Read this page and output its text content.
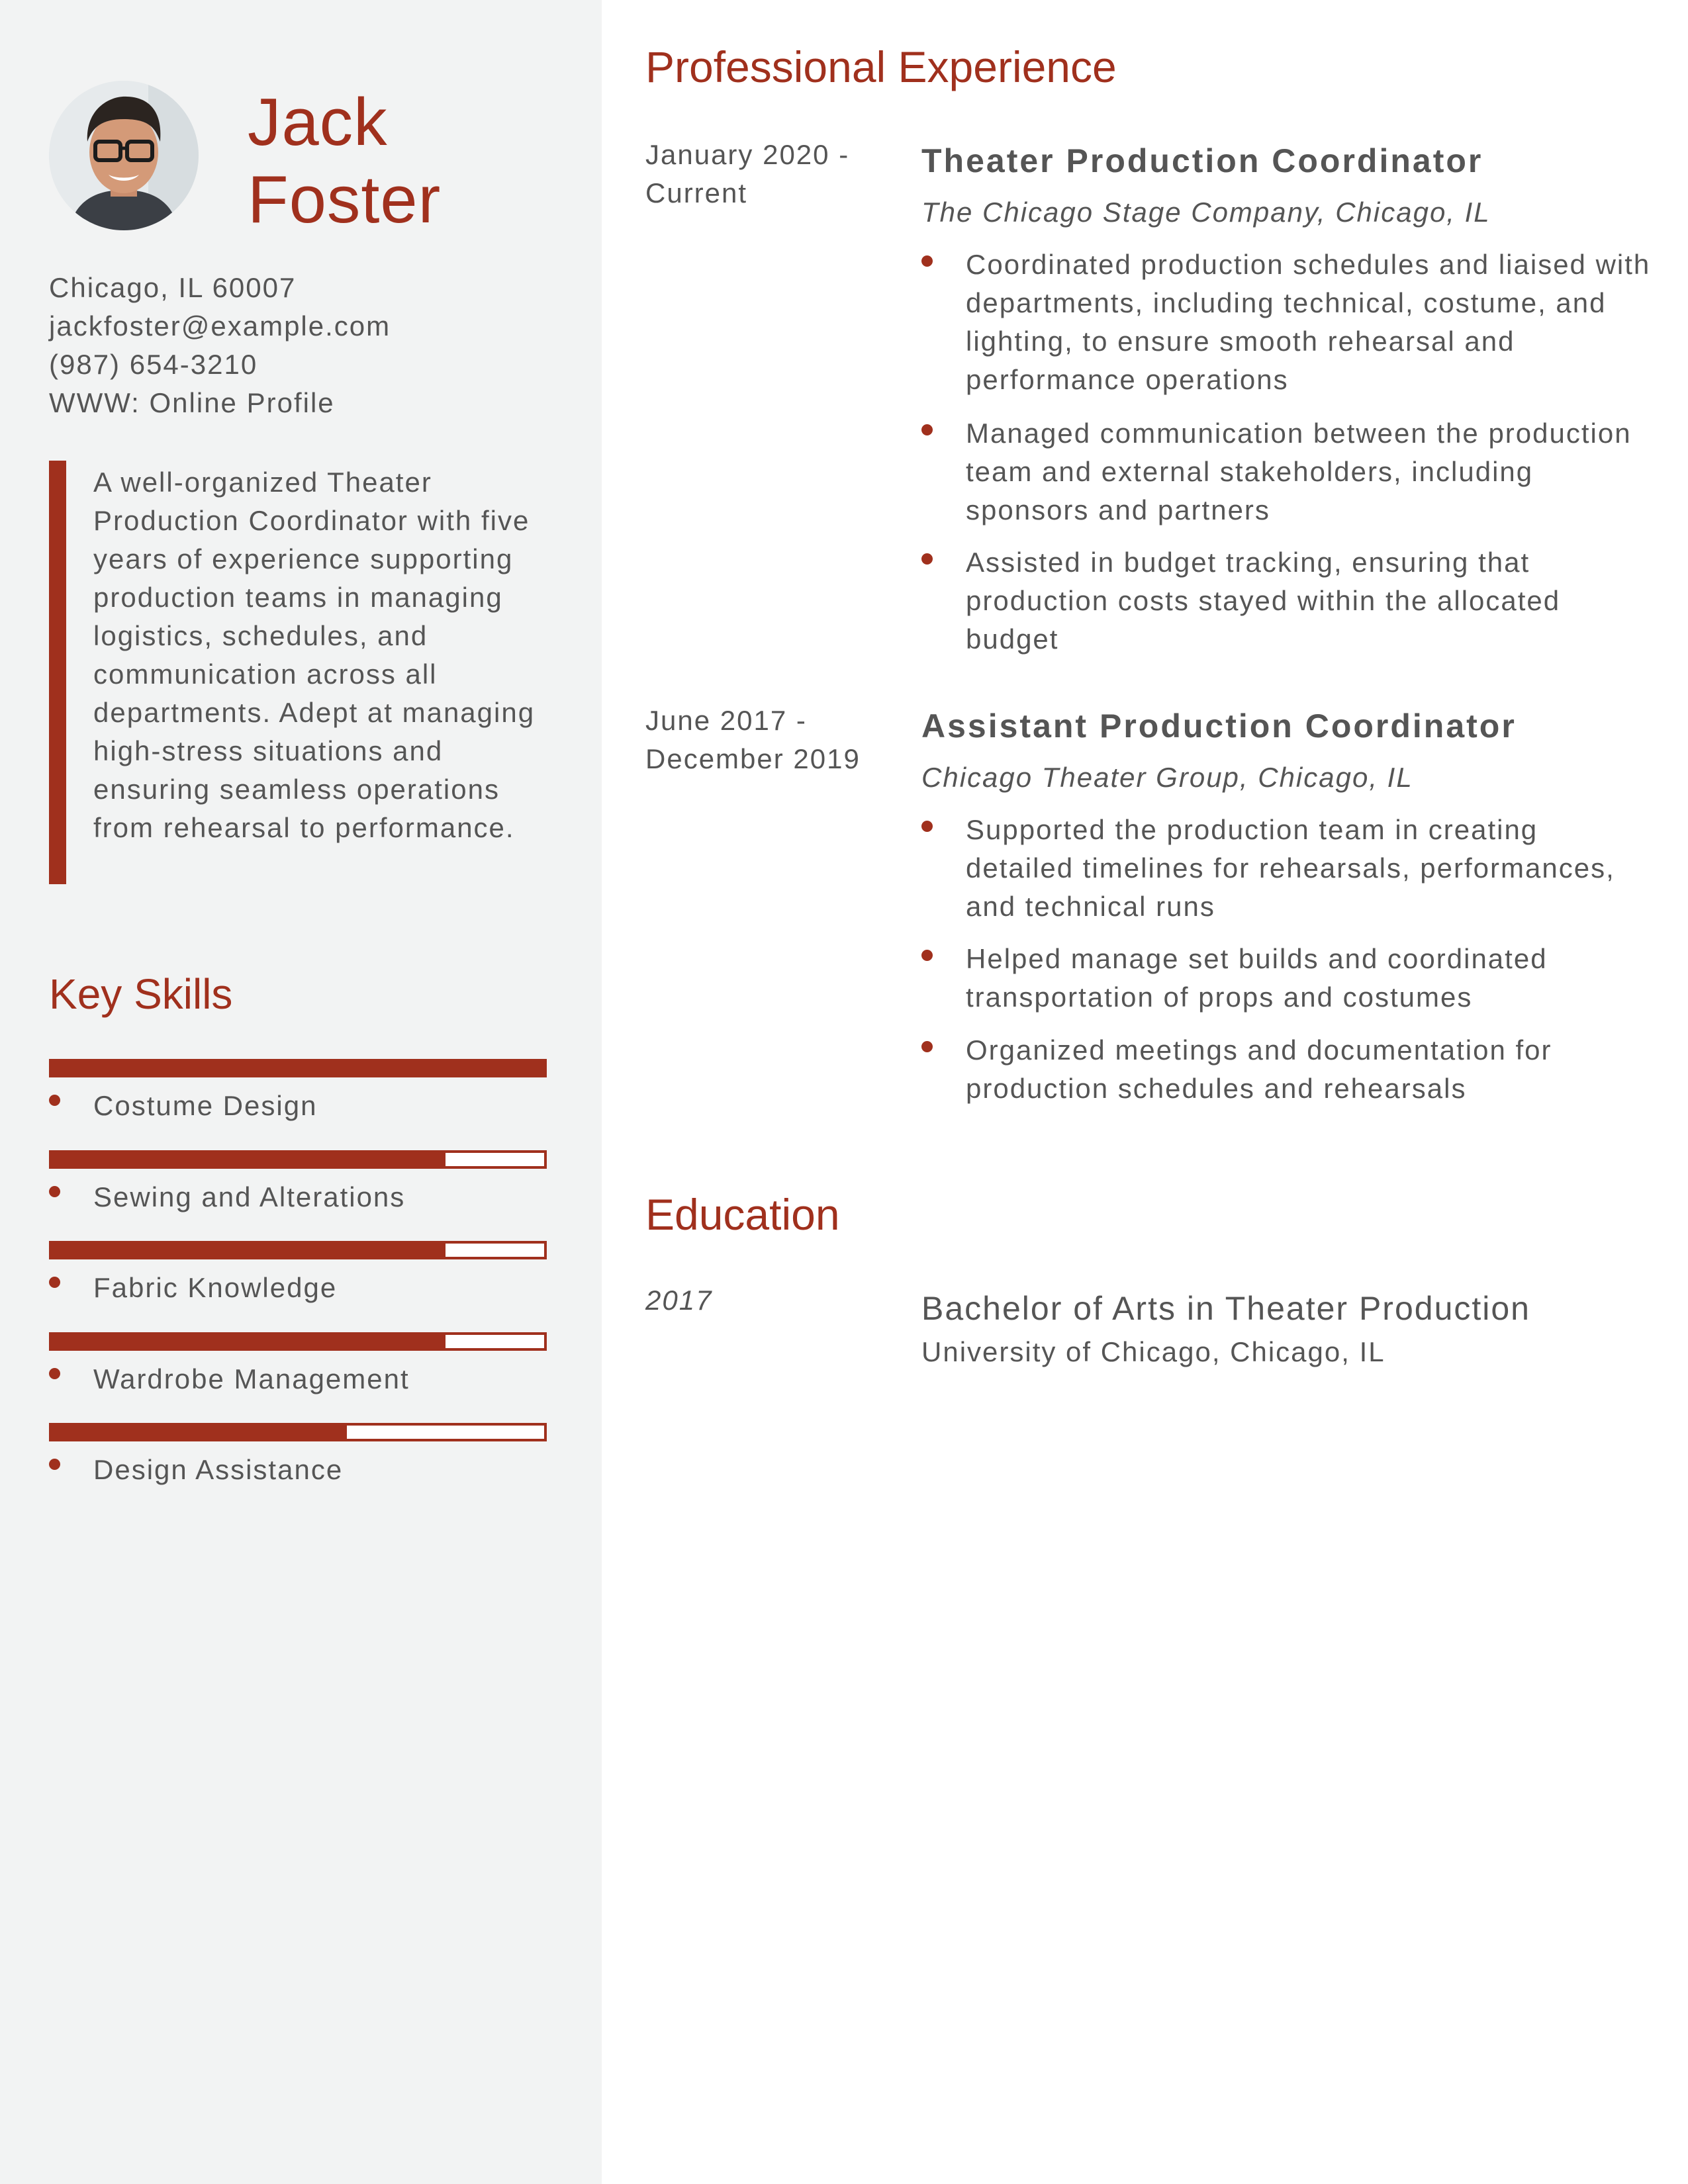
Jack
Foster
Chicago, IL 60007
jackfoster@example.com
(987) 654-3210
WWW: Online Profile
A well-organized Theater Production Coordinator with five years of experience supporting production teams in managing logistics, schedules, and communication across all departments. Adept at managing high-stress situations and ensuring seamless operations from rehearsal to performance.
Key Skills
Costume Design
Sewing and Alterations
Fabric Knowledge
Wardrobe Management
Design Assistance
Professional Experience
January 2020 - Current
Theater Production Coordinator
The Chicago Stage Company, Chicago, IL
Coordinated production schedules and liaised with departments, including technical, costume, and lighting, to ensure smooth rehearsal and performance operations
Managed communication between the production team and external stakeholders, including sponsors and partners
Assisted in budget tracking, ensuring that production costs stayed within the allocated budget
June 2017 - December 2019
Assistant Production Coordinator
Chicago Theater Group, Chicago, IL
Supported the production team in creating detailed timelines for rehearsals, performances, and technical runs
Helped manage set builds and coordinated transportation of props and costumes
Organized meetings and documentation for production schedules and rehearsals
Education
2017	Bachelor of Arts in Theater Production
University of Chicago, Chicago, IL
